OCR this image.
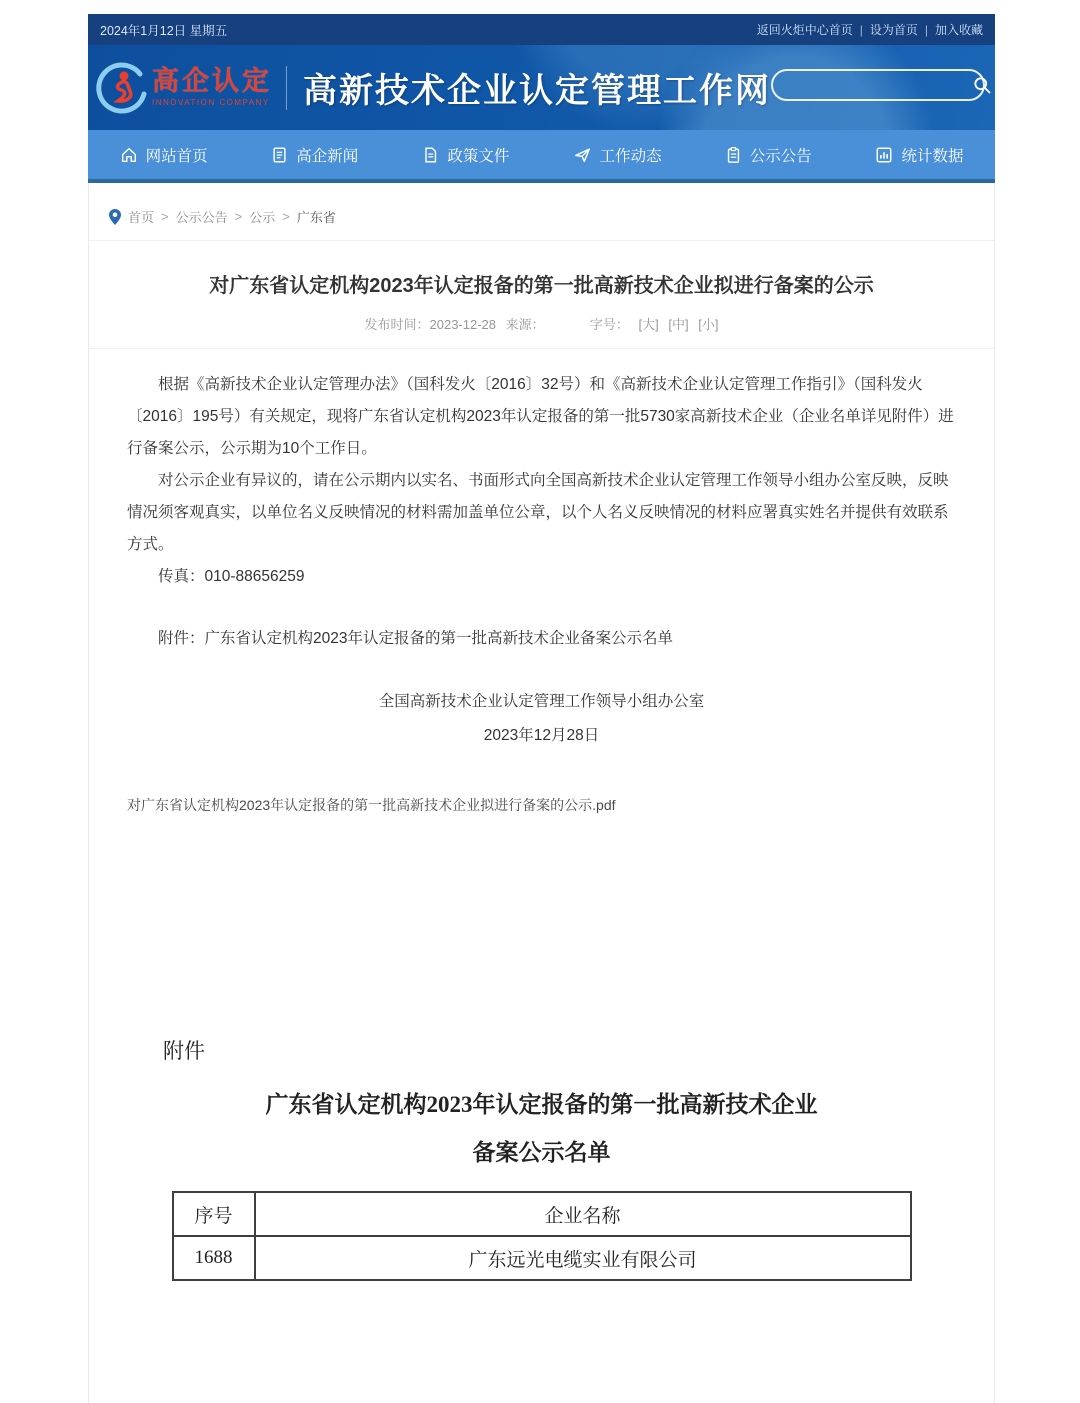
2024年1月12日 星期五	返回火炬中心首页 | 设为首页 | 加入收藏
高企认定
INNOVATION COMPANY 高新技术企业认定管理工作网
网站首页	高企新闻	政策文件	工作动态	公示公告	统计数据
首页 > 公示公告 > 公示 > 广东省
对广东省认定机构2023年认定报备的第一批高新技术企业拟进行备案的公示
发布时间：2023-12-28 来源：	字号： [大] [中] [小]

根据《高新技术企业认定管理办法》（国科发火〔2016〕32号）和《高新技术企业认定管理工作指引》（国科发火〔2016〕195号）有关规定，现将广东省认定机构2023年认定报备的第一批5730家高新技术企业（企业名单详见附件）进行备案公示，公示期为10个工作日。

对公示企业有异议的，请在公示期内以实名、书面形式向全国高新技术企业认定管理工作领导小组办公室反映，反映情况须客观真实，以单位名义反映情况的材料需加盖单位公章，以个人名义反映情况的材料应署真实姓名并提供有效联系方式。

传真：010-88656259

附件：广东省认定机构2023年认定报备的第一批高新技术企业备案公示名单

全国高新技术企业认定管理工作领导小组办公室

2023年12月28日

对广东省认定机构2023年认定报备的第一批高新技术企业拟进行备案的公示.pdf

附件
广东省认定机构2023年认定报备的第一批高新技术企业
备案公示名单
序号	企业名称
1688	广东远光电缆实业有限公司
